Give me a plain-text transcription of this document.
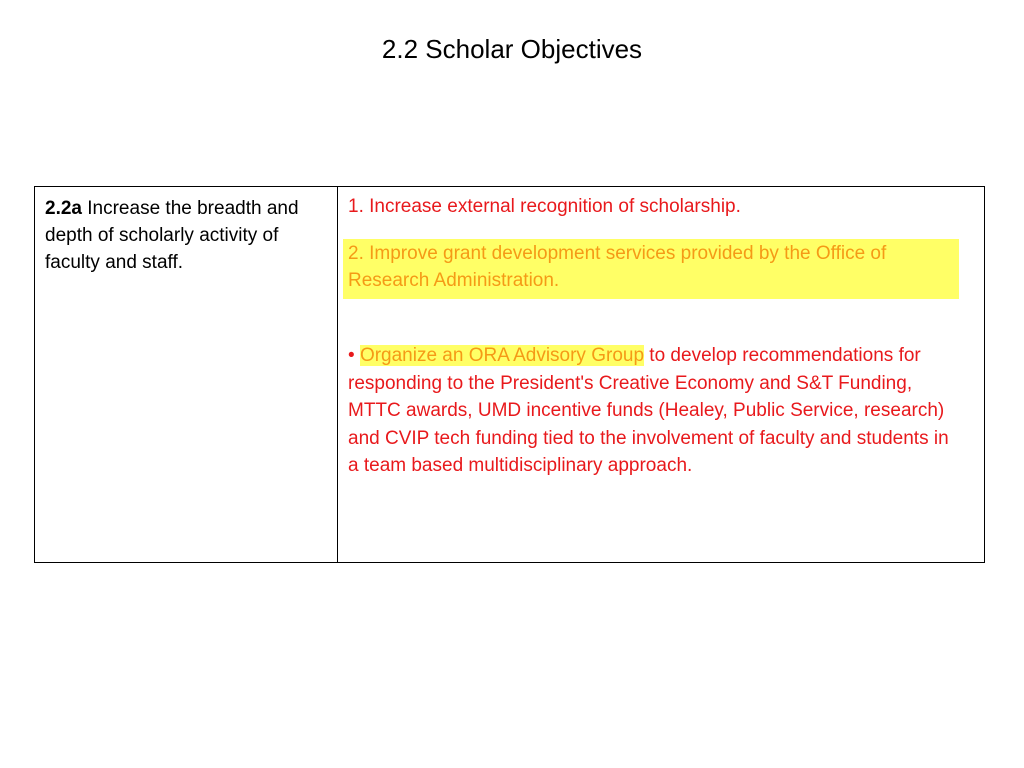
2.2 Scholar Objectives
2.2a Increase the breadth and depth of scholarly activity of faculty and staff.

1. Increase external recognition of scholarship.
2. Improve grant development services provided by the Office of Research Administration.
• Organize an ORA Advisory Group to develop recommendations for responding to the President's Creative Economy and S&T Funding, MTTC awards, UMD incentive funds (Healey, Public Service, research) and CVIP tech funding tied to the involvement of faculty and students in a team based multidisciplinary approach.
